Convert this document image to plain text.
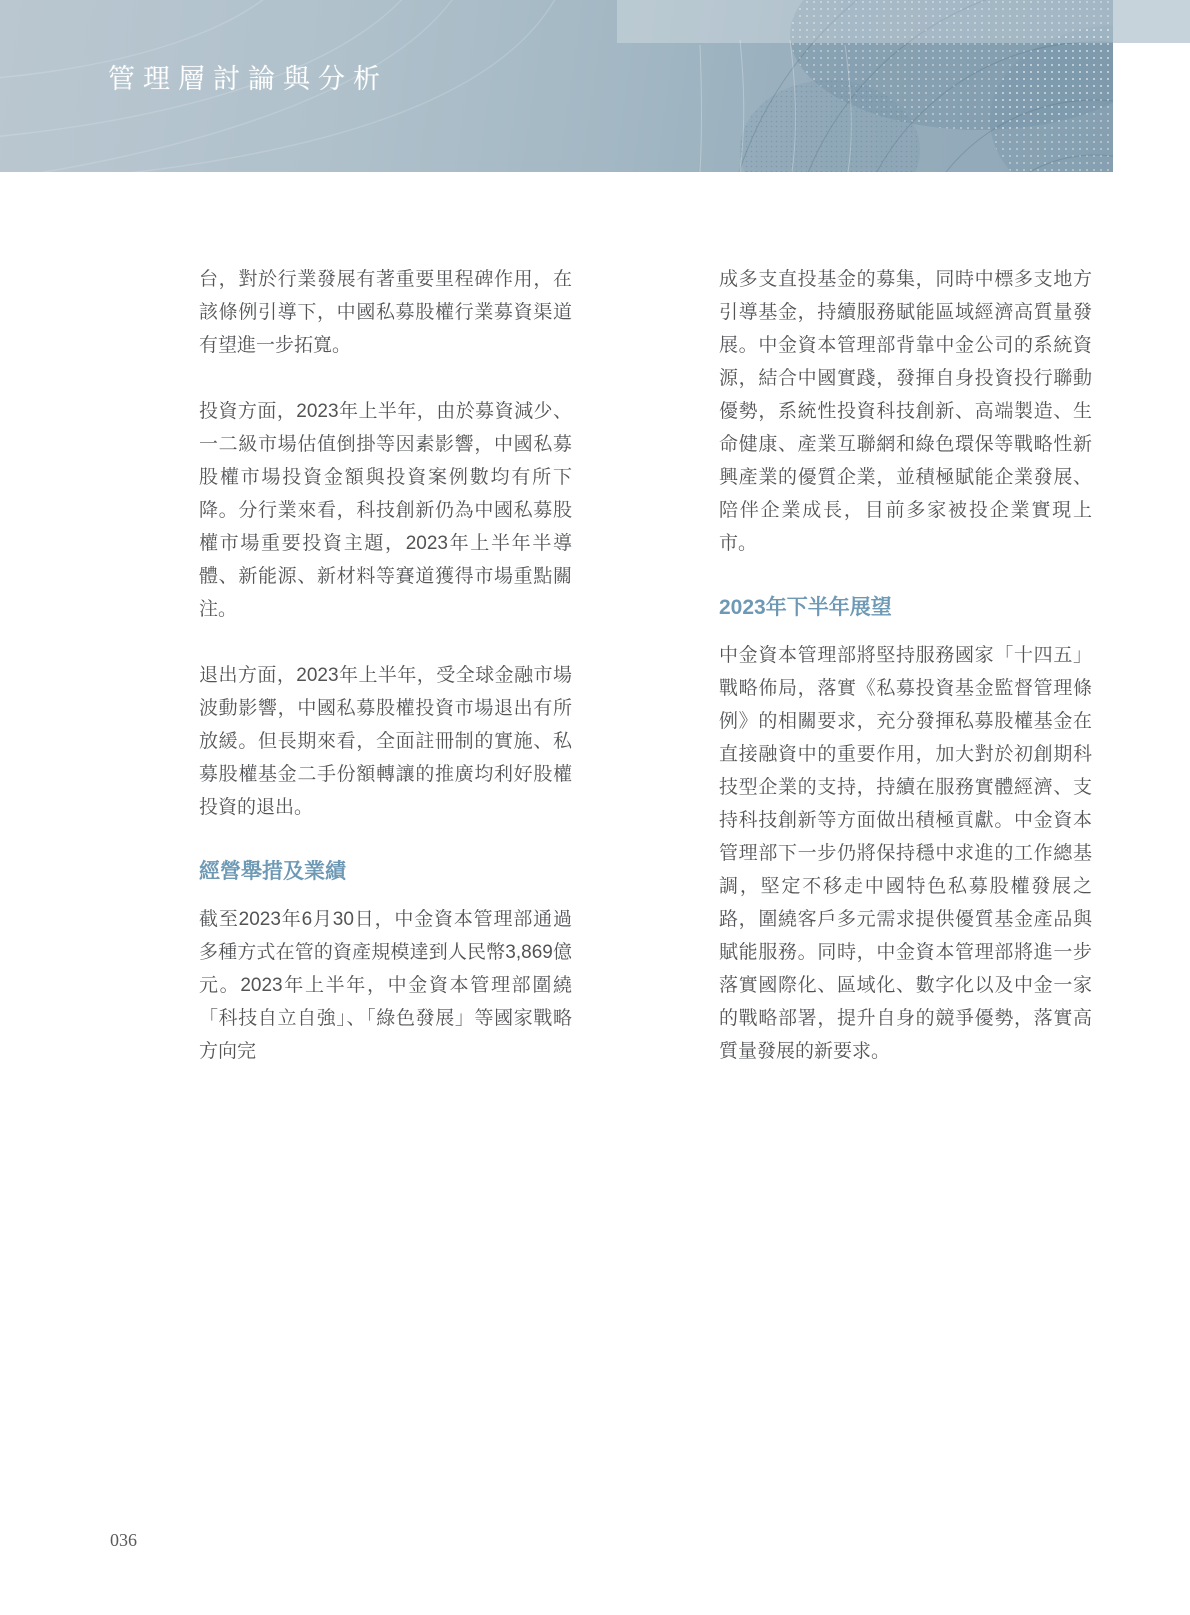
管理層討論與分析

台，對於行業發展有著重要里程碑作用，在該條例引導下，中國私募股權行業募資渠道有望進一步拓寬。

投資方面，2023年上半年，由於募資減少、一二級市場估值倒掛等因素影響，中國私募股權市場投資金額與投資案例數均有所下降。分行業來看，科技創新仍為中國私募股權市場重要投資主題，2023年上半年半導體、新能源、新材料等賽道獲得市場重點關注。

退出方面，2023年上半年，受全球金融市場波動影響，中國私募股權投資市場退出有所放緩。但長期來看，全面註冊制的實施、私募股權基金二手份額轉讓的推廣均利好股權投資的退出。

經營舉措及業績

截至2023年6月30日，中金資本管理部通過多種方式在管的資產規模達到人民幣3,869億元。2023年上半年，中金資本管理部圍繞「科技自立自強」、「綠色發展」等國家戰略方向完

成多支直投基金的募集，同時中標多支地方引導基金，持續服務賦能區域經濟高質量發展。中金資本管理部背靠中金公司的系統資源，結合中國實踐，發揮自身投資投行聯動優勢，系統性投資科技創新、高端製造、生命健康、產業互聯網和綠色環保等戰略性新興產業的優質企業，並積極賦能企業發展、陪伴企業成長，目前多家被投企業實現上市。

2023年下半年展望

中金資本管理部將堅持服務國家「十四五」戰略佈局，落實《私募投資基金監督管理條例》的相關要求，充分發揮私募股權基金在直接融資中的重要作用，加大對於初創期科技型企業的支持，持續在服務實體經濟、支持科技創新等方面做出積極貢獻。中金資本管理部下一步仍將保持穩中求進的工作總基調，堅定不移走中國特色私募股權發展之路，圍繞客戶多元需求提供優質基金產品與賦能服務。同時，中金資本管理部將進一步落實國際化、區域化、數字化以及中金一家的戰略部署，提升自身的競爭優勢，落實高質量發展的新要求。

036
